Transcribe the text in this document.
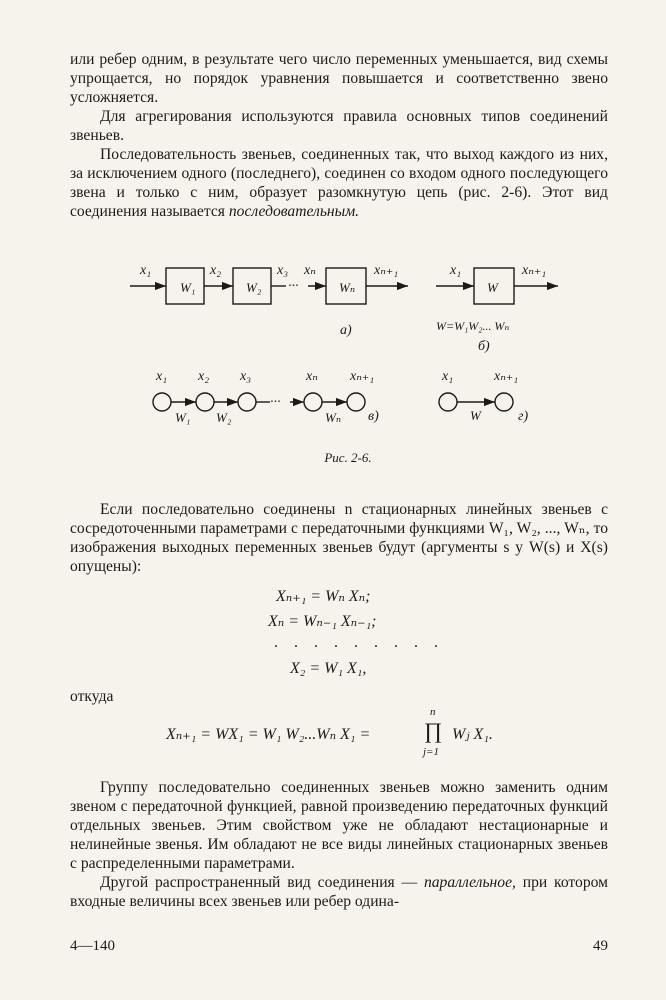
или ребер одним, в результате чего число переменных уменьшается, вид схемы упрощается, но порядок уравнения повышается и соответственно звено усложняется.

Для агрегирования используются правила основных типов соединений звеньев.

Последовательность звеньев, соединенных так, что выход каждого из них, за исключением одного (последнего), соединен со входом одного последующего звена и только с ним, образует разомкнутую цепь (рис. 2-6). Этот вид соединения называется последовательным.

x₁
W₁
x₂
W₂
x₃
···
xₙ
Wₙ
xₙ₊₁
а)
x₁
W
xₙ₊₁
W=W₁W₂... Wₙ
б)
x₁ x₂ x₃	xₙ xₙ₊₁
W₁ W₂
···
Wₙ в)
x₁	xₙ₊₁
W	г)
Рис. 2-6.

Если последовательно соединены n стационарных линейных звеньев с сосредоточенными параметрами с передаточными функциями W₁, W₂, ..., Wₙ, то изображения выходных переменных звеньев будут (аргументы s у W(s) и X(s) опущены):

Xₙ₊₁ = Wₙ Xₙ;
Xₙ = Wₙ₋₁ Xₙ₋₁;
. . . . . . . . .
X₂ = W₁ X₁,
откуда
Xₙ₊₁ = WX₁ = W₁ W₂...Wₙ X₁ =
n
∏
j=1
Wⱼ X₁.

Группу последовательно соединенных звеньев можно заменить одним звеном с передаточной функцией, равной произведению передаточных функций отдельных звеньев. Этим свойством уже не обладают нестационарные и нелинейные звенья. Им обладают не все виды линейных стационарных звеньев с распределенными параметрами.

Другой распространенный вид соединения — параллельное, при котором входные величины всех звеньев или ребер одина-

4—140	49
